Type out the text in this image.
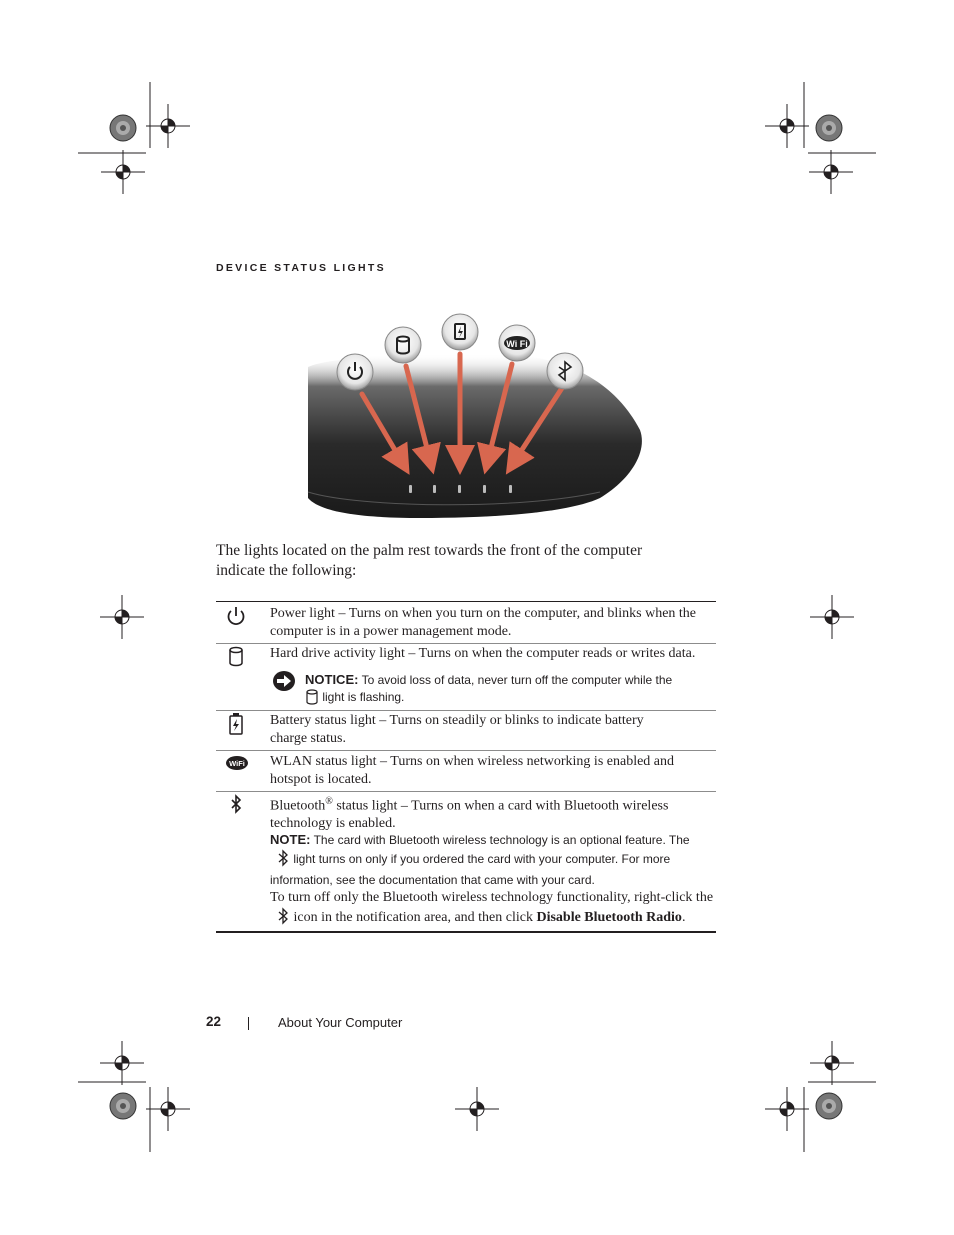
DEVICE STATUS LIGHTS
Wi Fi
The lights located on the palm rest towards the front of the computer indicate the following:
Power light – Turns on when you turn on the computer, and blinks when the computer is in a power management mode.
Hard drive activity light – Turns on when the computer reads or writes data.
NOTICE: To avoid loss of data, never turn off the computer while the
light is flashing.
Battery status light – Turns on steadily or blinks to indicate battery charge status.
WiFi WLAN status light – Turns on when wireless networking is enabled and hotspot is located.
Bluetooth® status light – Turns on when a card with Bluetooth wireless technology is enabled.
NOTE: The card with Bluetooth wireless technology is an optional feature. The
light turns on only if you ordered the card with your computer. For more information, see the documentation that came with your card.
To turn off only the Bluetooth wireless technology functionality, right-click the
icon in the notification area, and then click Disable Bluetooth Radio.
22	About Your Computer
